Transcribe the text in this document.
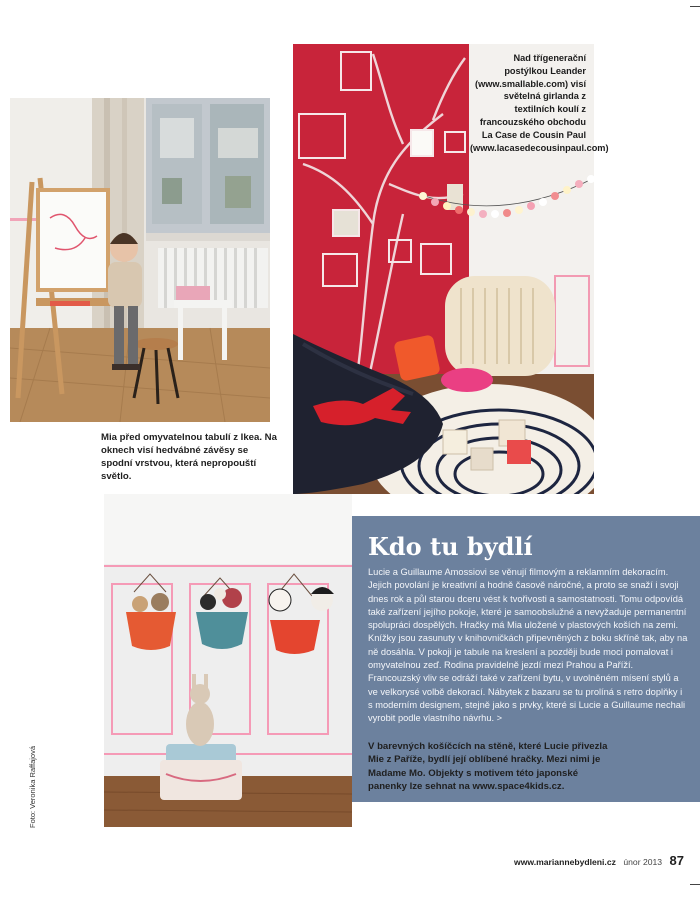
Mia před omyvatelnou tabulí z Ikea. Na oknech visí hedvábné závěsy se spodní vrstvou, která nepropouští světlo.
Nad třígenerační postýlkou Leander (www.smallable.com) visí světelná girlanda z textilních koulí z francouzského obchodu La Case de Cousin Paul (www.lacasedecousinpaul.com)
Kdo tu bydlí
Lucie a Guillaume Amossiovi se věnují filmovým a reklamním dekoracím. Jejich povolání je kreativní a hodně časově náročné, a proto se snaží i svoji dnes rok a půl starou dceru vést k tvořivosti a samostatnosti. Tomu odpovídá také zařízení jejího pokoje, které je samoobslužné a nevyžaduje permanentní spolupráci dospělých. Hračky má Mia uložené v plastových koších na zemi. Knížky jsou zasunuty v knihovničkách připevněných z boku skříně tak, aby na ně dosáhla. V pokoji je tabule na kreslení a později bude moci pomalovat i omyvatelnou zeď. Rodina pravidelně jezdí mezi Prahou a Paříží. Francouzský vliv se odráží také v zařízení bytu, v uvolněném mísení stylů a ve velkorysé volbě dekorací. Nábytek z bazaru se tu prolíná s retro doplňky i s moderním designem, stejně jako s prvky, které si Lucie a Guillaume nechali vyrobit podle vlastního návrhu. >
V barevných košíčcích na stěně, které Lucie přivezla Mie z Paříže, bydlí její oblíbené hračky. Mezi nimi je Madame Mo. Objekty s motivem této japonské panenky lze sehnat na www.space4kids.cz.
Foto: Veronika Raffajová
www.mariannebydleni.cz únor 2013 87
